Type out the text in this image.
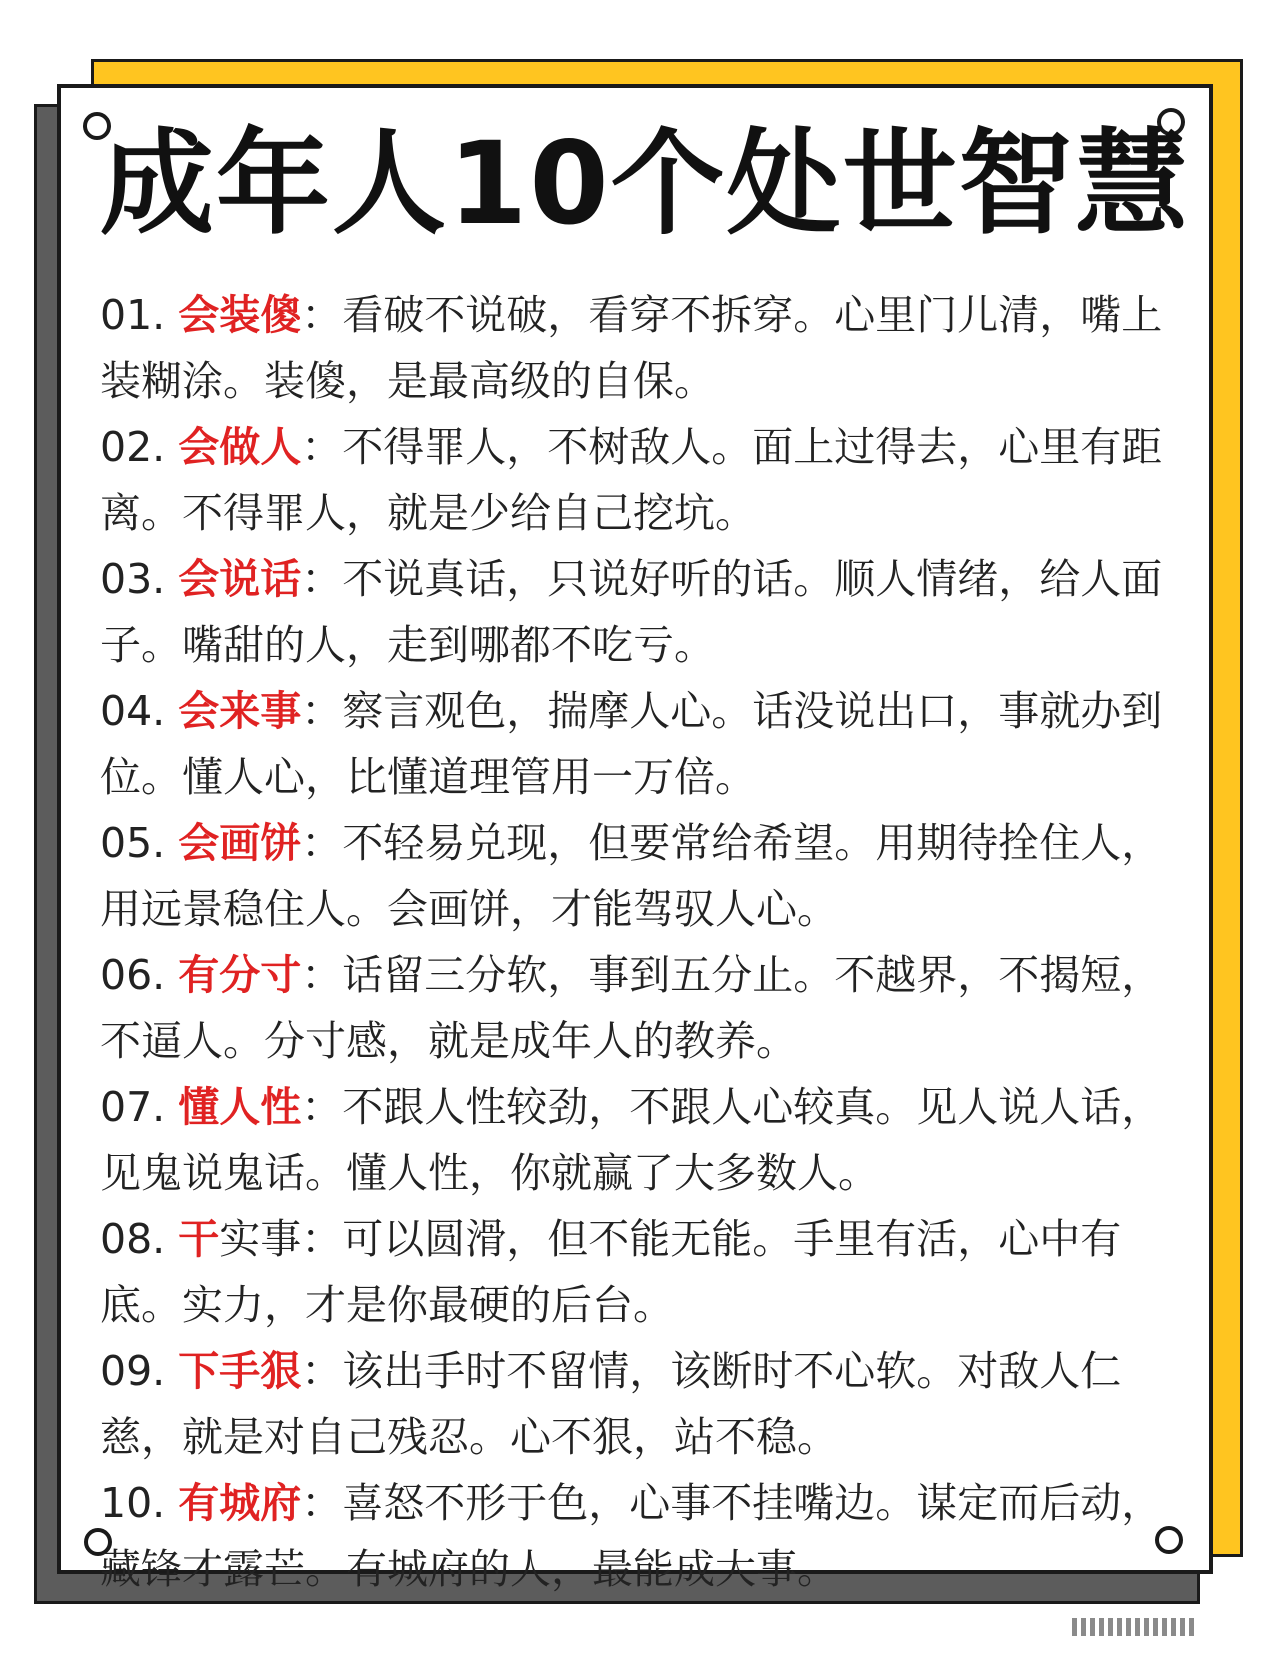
成年人10个处世智慧

01. 会装傻：看破不说破，看穿不拆穿。心里门儿清，嘴上装糊涂。装傻，是最高级的自保。

02. 会做人：不得罪人，不树敌人。面上过得去，心里有距离。不得罪人，就是少给自己挖坑。

03. 会说话：不说真话，只说好听的话。顺人情绪，给人面子。嘴甜的人，走到哪都不吃亏。

04. 会来事：察言观色，揣摩人心。话没说出口，事就办到位。懂人心，比懂道理管用一万倍。

05. 会画饼：不轻易兑现，但要常给希望。用期待拴住人，用远景稳住人。会画饼，才能驾驭人心。

06. 有分寸：话留三分软，事到五分止。不越界，不揭短，不逼人。分寸感，就是成年人的教养。

07. 懂人性：不跟人性较劲，不跟人心较真。见人说人话，见鬼说鬼话。懂人性，你就赢了大多数人。

08. 干实事：可以圆滑，但不能无能。手里有活，心中有底。实力，才是你最硬的后台。

09. 下手狠：该出手时不留情，该断时不心软。对敌人仁慈，就是对自己残忍。心不狠，站不稳。

10. 有城府：喜怒不形于色，心事不挂嘴边。谋定而后动，藏锋才露芒。有城府的人，最能成大事。
